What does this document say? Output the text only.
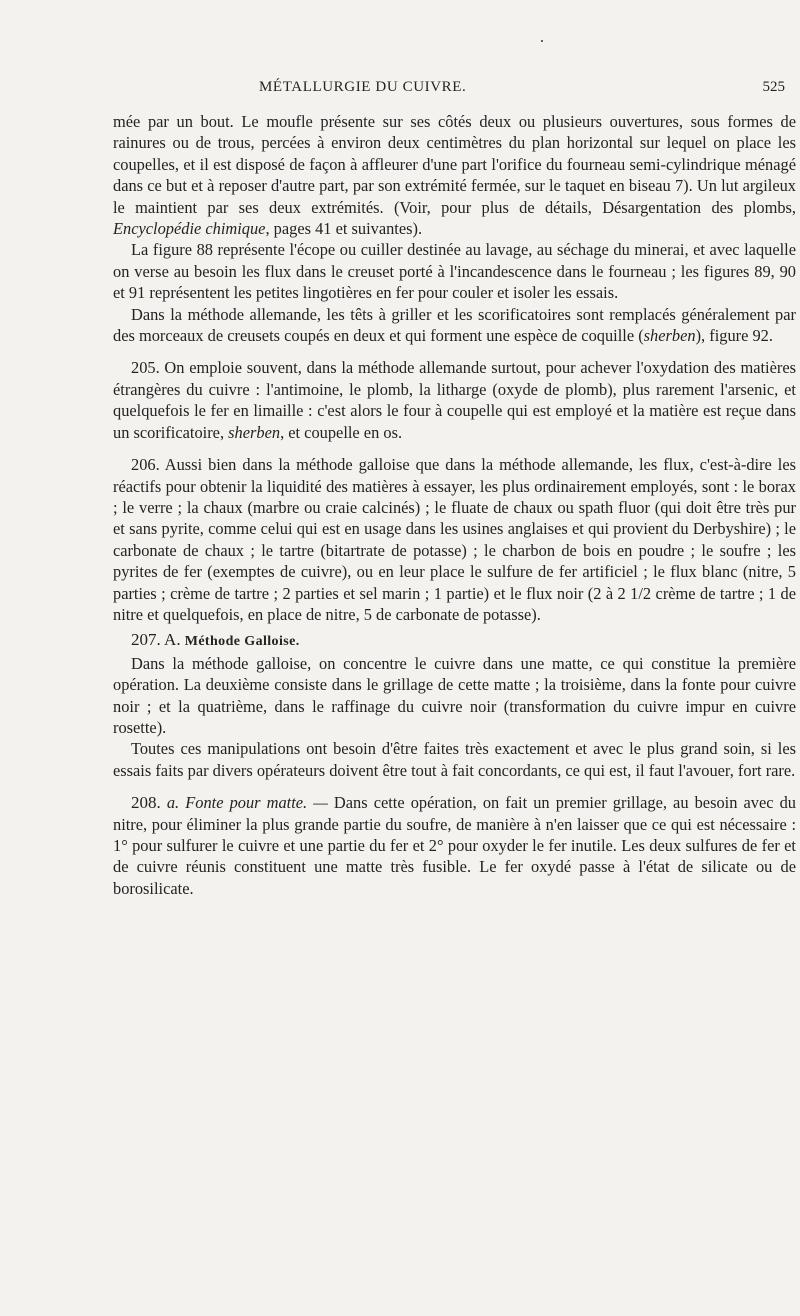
MÉTALLURGIE DU CUIVRE.	525

mée par un bout. Le moufle présente sur ses côtés deux ou plusieurs ouvertures, sous formes de rainures ou de trous, percées à environ deux centimètres du plan horizontal sur lequel on place les coupelles, et il est disposé de façon à affleurer d'une part l'orifice du fourneau semi-cylindrique ménagé dans ce but et à reposer d'autre part, par son extrémité fermée, sur le taquet en biseau 7). Un lut argileux le maintient par ses deux extrémités. (Voir, pour plus de détails, Désargentation des plombs, Encyclopédie chimique, pages 41 et suivantes).

La figure 88 représente l'écope ou cuiller destinée au lavage, au séchage du minerai, et avec laquelle on verse au besoin les flux dans le creuset porté à l'incandescence dans le fourneau ; les figures 89, 90 et 91 représentent les petites lingotières en fer pour couler et isoler les essais.

Dans la méthode allemande, les têts à griller et les scorificatoires sont remplacés généralement par des morceaux de creusets coupés en deux et qui forment une espèce de coquille (sherben), figure 92.

205. On emploie souvent, dans la méthode allemande surtout, pour achever l'oxydation des matières étrangères du cuivre : l'antimoine, le plomb, la litharge (oxyde de plomb), plus rarement l'arsenic, et quelquefois le fer en limaille : c'est alors le four à coupelle qui est employé et la matière est reçue dans un scorificatoire, sherben, et coupelle en os.

206. Aussi bien dans la méthode galloise que dans la méthode allemande, les flux, c'est-à-dire les réactifs pour obtenir la liquidité des matières à essayer, les plus ordinairement employés, sont : le borax ; le verre ; la chaux (marbre ou craie calcinés) ; le fluate de chaux ou spath fluor (qui doit être très pur et sans pyrite, comme celui qui est en usage dans les usines anglaises et qui provient du Derbyshire) ; le carbonate de chaux ; le tartre (bitartrate de potasse) ; le charbon de bois en poudre ; le soufre ; les pyrites de fer (exemptes de cuivre), ou en leur place le sulfure de fer artificiel ; le flux blanc (nitre, 5 parties ; crème de tartre ; 2 parties et sel marin ; 1 partie) et le flux noir (2 à 2 1/2 crème de tartre ; 1 de nitre et quelquefois, en place de nitre, 5 de carbonate de potasse).

207. A. Méthode Galloise.

Dans la méthode galloise, on concentre le cuivre dans une matte, ce qui constitue la première opération. La deuxième consiste dans le grillage de cette matte ; la troisième, dans la fonte pour cuivre noir ; et la quatrième, dans le raffinage du cuivre noir (transformation du cuivre impur en cuivre rosette).

Toutes ces manipulations ont besoin d'être faites très exactement et avec le plus grand soin, si les essais faits par divers opérateurs doivent être tout à fait concordants, ce qui est, il faut l'avouer, fort rare.

208. a. Fonte pour matte. — Dans cette opération, on fait un premier grillage, au besoin avec du nitre, pour éliminer la plus grande partie du soufre, de manière à n'en laisser que ce qui est nécessaire : 1° pour sulfurer le cuivre et une partie du fer et 2° pour oxyder le fer inutile. Les deux sulfures de fer et de cuivre réunis constituent une matte très fusible. Le fer oxydé passe à l'état de silicate ou de borosilicate.
